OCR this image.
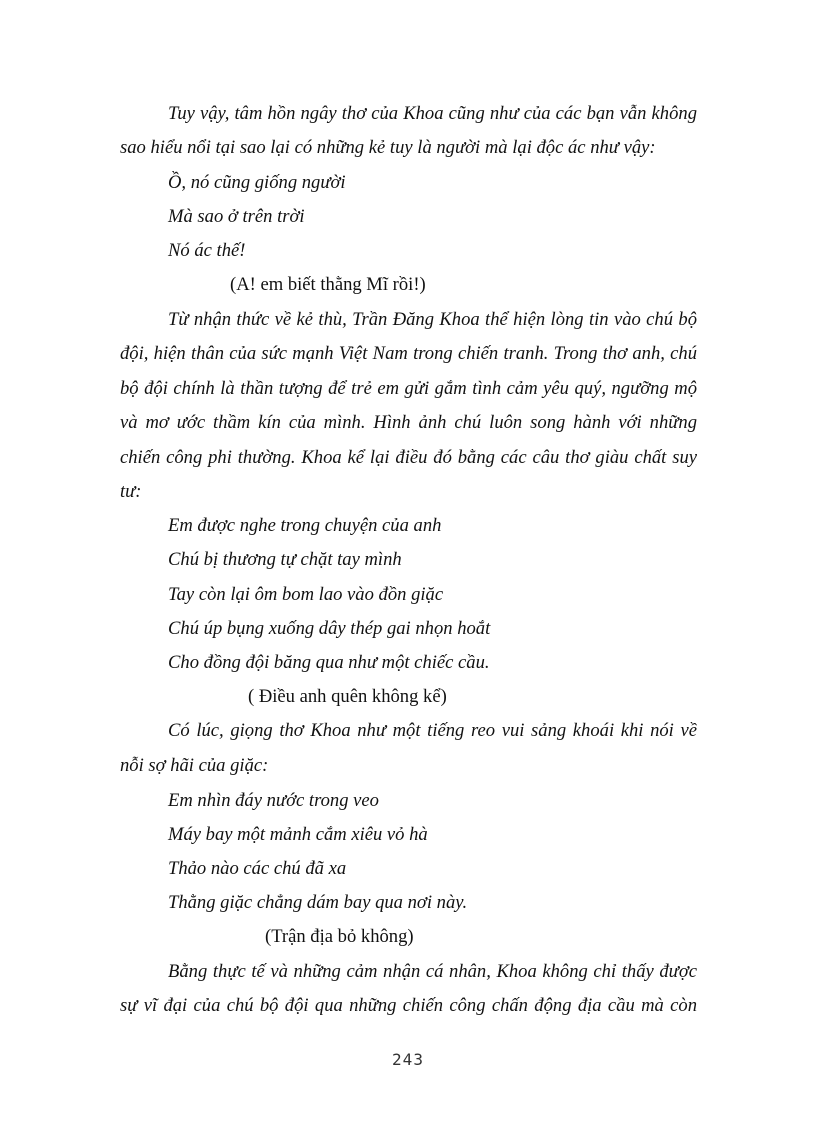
Tuy vậy, tâm hồn ngây thơ của Khoa cũng như của các bạn vẫn không
sao hiểu nổi tại sao lại có những kẻ tuy là người mà lại độc ác như vậy:
Ồ, nó cũng giống người
Mà sao ở trên trời
Nó ác thế!
(A! em biết thằng Mĩ rồi!)
Từ nhận thức về kẻ thù, Trần Đăng Khoa thể hiện lòng tin vào chú bộ
đội, hiện thân của sức mạnh Việt Nam trong chiến tranh. Trong thơ anh, chú
bộ đội chính là thần tượng để trẻ em gửi gắm tình cảm yêu quý, ngưỡng mộ
và mơ ước thầm kín của mình. Hình ảnh chú luôn song hành với những
chiến công phi thường. Khoa kể lại điều đó bằng các câu thơ giàu chất suy
tư:
Em được nghe trong chuyện của anh
Chú bị thương tự chặt tay mình
Tay còn lại ôm bom lao vào đồn giặc
Chú úp bụng xuống dây thép gai nhọn hoắt
Cho đồng đội băng qua như một chiếc cầu.
( Điều anh quên không kể)
Có lúc, giọng thơ Khoa như một tiếng reo vui sảng khoái khi nói về
nỗi sợ hãi của giặc:
Em nhìn đáy nước trong veo
Máy bay một mảnh cắm xiêu vỏ hà
Thảo nào các chú đã xa
Thằng giặc chẳng dám bay qua nơi này.
(Trận địa bỏ không)
Bằng thực tế và những cảm nhận cá nhân, Khoa không chỉ thấy được
sự vĩ đại của chú bộ đội qua những chiến công chấn động địa cầu mà còn
243
